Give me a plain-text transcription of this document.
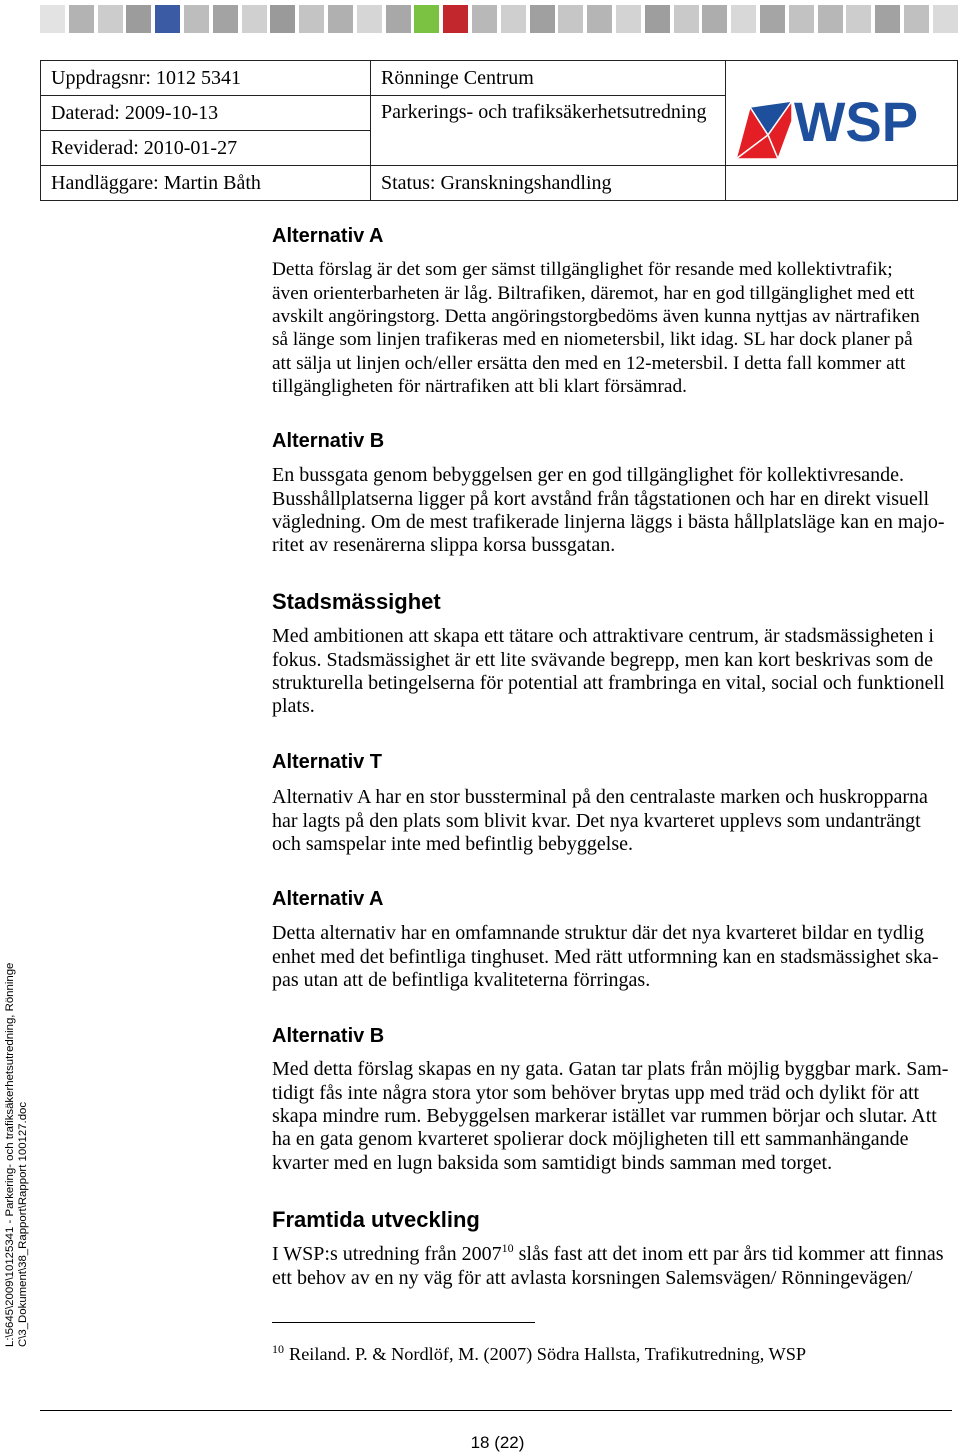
Uppdragsnr: 1012 5341	Rönninge Centrum	WSP

Daterad: 2009-10-13	Parkerings- och trafiksäkerhetsutredning	
Reviderad: 2010-01-27		
Handläggare: Martin Båth	Status: Granskningshandling	
Alternativ A
Detta förslag är det som ger sämst tillgänglighet för resande med kollektivtrafik;
även orienterbarheten är låg. Biltrafiken, däremot, har en god tillgänglighet med ett
avskilt angöringstorg. Detta angöringstorgbedöms även kunna nyttjas av närtrafiken
så länge som linjen trafikeras med en niometersbil, likt idag. SL har dock planer på
att sälja ut linjen och/eller ersätta den med en 12-metersbil. I detta fall kommer att
tillgängligheten för närtrafiken att bli klart försämrad.
Alternativ B
En bussgata genom bebyggelsen ger en god tillgänglighet för kollektivresande.
Busshållplatserna ligger på kort avstånd från tågstationen och har en direkt visuell
vägledning. Om de mest trafikerade linjerna läggs i bästa hållplatsläge kan en majo-
ritet av resenärerna slippa korsa bussgatan.
Stadsmässighet
Med ambitionen att skapa ett tätare och attraktivare centrum, är stadsmässigheten i
fokus. Stadsmässighet är ett lite svävande begrepp, men kan kort beskrivas som de
strukturella betingelserna för potential att frambringa en vital, social och funktionell
plats.
Alternativ T
Alternativ A har en stor bussterminal på den centralaste marken och huskropparna
har lagts på den plats som blivit kvar. Det nya kvarteret upplevs som undanträngt
och samspelar inte med befintlig bebyggelse.
Alternativ A
Detta alternativ har en omfamnande struktur där det nya kvarteret bildar en tydlig
enhet med det befintliga tinghuset. Med rätt utformning kan en stadsmässighet ska-
pas utan att de befintliga kvaliteterna förringas.
Alternativ B
Med detta förslag skapas en ny gata. Gatan tar plats från möjlig byggbar mark. Sam-
tidigt fås inte några stora ytor som behöver brytas upp med träd och dylikt för att
skapa mindre rum. Bebyggelsen markerar istället var rummen börjar och slutar. Att
ha en gata genom kvarteret spolierar dock möjligheten till ett sammanhängande
kvarter med en lugn baksida som samtidigt binds samman med torget.
Framtida utveckling
I WSP:s utredning från 2007$^{10}$ slås fast att det inom ett par års tid kommer att finnas
ett behov av en ny väg för att avlasta korsningen Salemsvägen/ Rönningevägen/
$^{10}$ Reiland. P. & Nordlöf, M. (2007) Södra Hallsta, Trafikutredning, WSP
18 (22)
L:\5645\2009\10125341 - Parkering- och trafiksäkerhetsutredning, Rönninge C\3_Dokument\38_Rapport\Rapport 100127.doc
